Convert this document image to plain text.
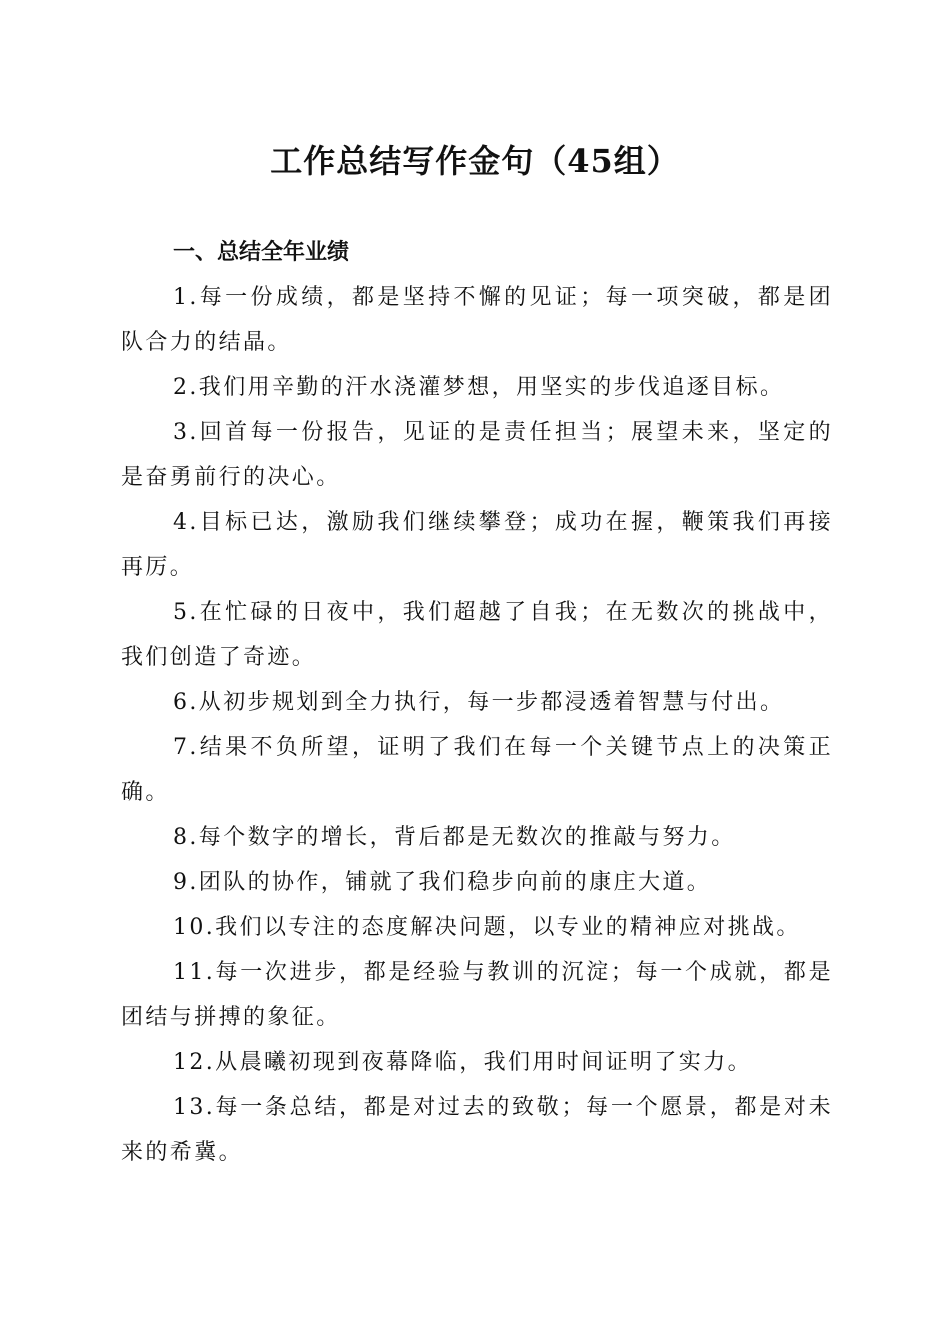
工作总结写作金句（45组）

一、总结全年业绩

1.每一份成绩，都是坚持不懈的见证；每一项突破，都是团队合力的结晶。

2.我们用辛勤的汗水浇灌梦想，用坚实的步伐追逐目标。

3.回首每一份报告，见证的是责任担当；展望未来，坚定的是奋勇前行的决心。

4.目标已达，激励我们继续攀登；成功在握，鞭策我们再接再厉。

5.在忙碌的日夜中，我们超越了自我；在无数次的挑战中，我们创造了奇迹。

6.从初步规划到全力执行，每一步都浸透着智慧与付出。

7.结果不负所望，证明了我们在每一个关键节点上的决策正确。

8.每个数字的增长，背后都是无数次的推敲与努力。

9.团队的协作，铺就了我们稳步向前的康庄大道。

10.我们以专注的态度解决问题，以专业的精神应对挑战。

11.每一次进步，都是经验与教训的沉淀；每一个成就，都是团结与拼搏的象征。

12.从晨曦初现到夜幕降临，我们用时间证明了实力。

13.每一条总结，都是对过去的致敬；每一个愿景，都是对未来的希冀。
